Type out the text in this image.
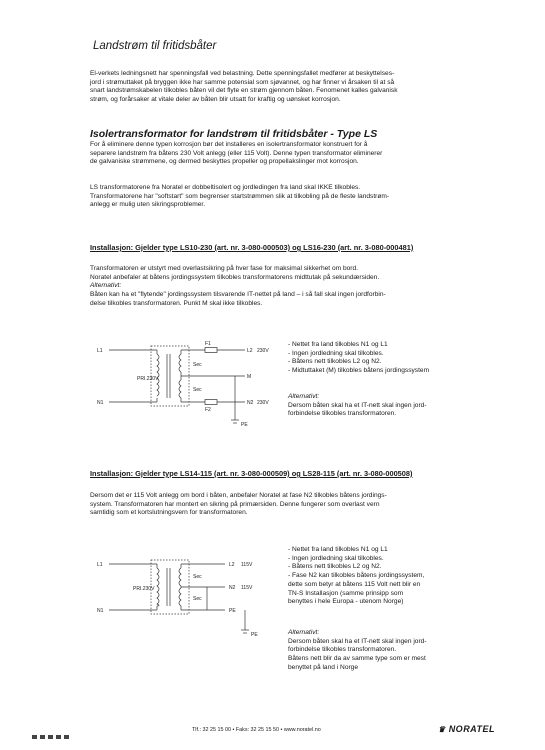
Landstrøm til fritidsbåter
El-verkets ledningsnett har spenningsfall ved belastning. Dette spenningsfallet medfører at beskyttelses-
jord i strømuttaket på bryggen ikke har samme potensial som sjøvannet, og har finner vi årsaken til at så
snart landstrømskabelen tilkobles båten vil det flyte en strøm gjennom båten. Fenomenet kalles galvanisk
strøm, og forårsaker at vitale deler av båten blir utsatt for kraftig og uønsket korrosjon.
Isolertransformator for landstrøm til fritidsbåter - Type LS
For å eliminere denne typen korrosjon bør det installeres en isolertransformator konstruert for å
separere landstrøm fra båtens 230 Volt anlegg (eller 115 Volt). Denne typen transformator eliminerer
de galvaniske strømmene, og dermed beskyttes propeller og propellakslinger mot korrosjon.
LS transformatorene fra Noratel er dobbeltisolert og jordledingen fra land skal IKKE tilkobles.
Transformatorene har "softstart" som begrenser startstrømmen slik at tilkobling på de fleste landstrøm-
anlegg er mulig uten sikringsproblemer.
Installasjon: Gjelder type LS10-230 (art. nr. 3-080-000503) og LS16-230 (art. nr. 3-080-000481)
Transformatoren er utstyrt med overlastsikring på hver fase for maksimal sikkerhet om bord.
Noratel anbefaler at båtens jordingssystem tilkobles transformatorens midttutak på sekundærsiden.
Alternativt:
Båten kan ha et "flytende" jordingssystem tilsvarende IT-nettet på land – i så fall skal ingen jordforbin-
delse tilkobles transformatoren. Punkt M skal ikke tilkobles.
L1
N1
PRI.230V
Sec
Sec
F1
F2
L2 230V
M
N2 230V
PE
- Nettet fra land tilkobles N1 og L1
- Ingen jordledning skal tilkobles.
- Båtens nett tilkobles L2 og N2.
- Midtuttaket (M) tilkobles båtens jordingssystem
Alternativt:
Dersom båten skal ha et IT-nett skal ingen jord-
forbindelse tilkobles transformatoren.
Installasjon: Gjelder type LS14-115 (art. nr. 3-080-000509) og LS28-115 (art. nr. 3-080-000508)
Dersom det er 115 Volt anlegg om bord i båten, anbefaler Noratel at fase N2 tilkobles båtens jordings-
system. Transformatoren har montert en sikring på primærsiden. Denne fungerer som overlast vern
samtidig som et kortslutningsvern for transformatoren.
L1
N1
PRI.230V
Sec
Sec
L2 115V
N2 115V
PE
PE
- Nettet fra land tilkobles N1 og L1
- Ingen jordledning skal tilkobles.
- Båtens nett tilkobles L2 og N2.
- Fase N2 kan tilkobles båtens jordingssystem,
dette som betyr at båtens 115 Volt nett blir en
TN-S Installasjon (samme prinsipp som
benyttes i hele Europa - utenom Norge)
Alternativt:
Dersom båten skal ha et IT-nett skal ingen jord-
forbindelse tilkobles transformatoren.
Båtens nett blir da av samme type som er mest
benyttet på land i Norge
Tlf.: 32 25 15 00 • Faks: 32 25 15 50 • www.noratel.no	♛ NORATEL
